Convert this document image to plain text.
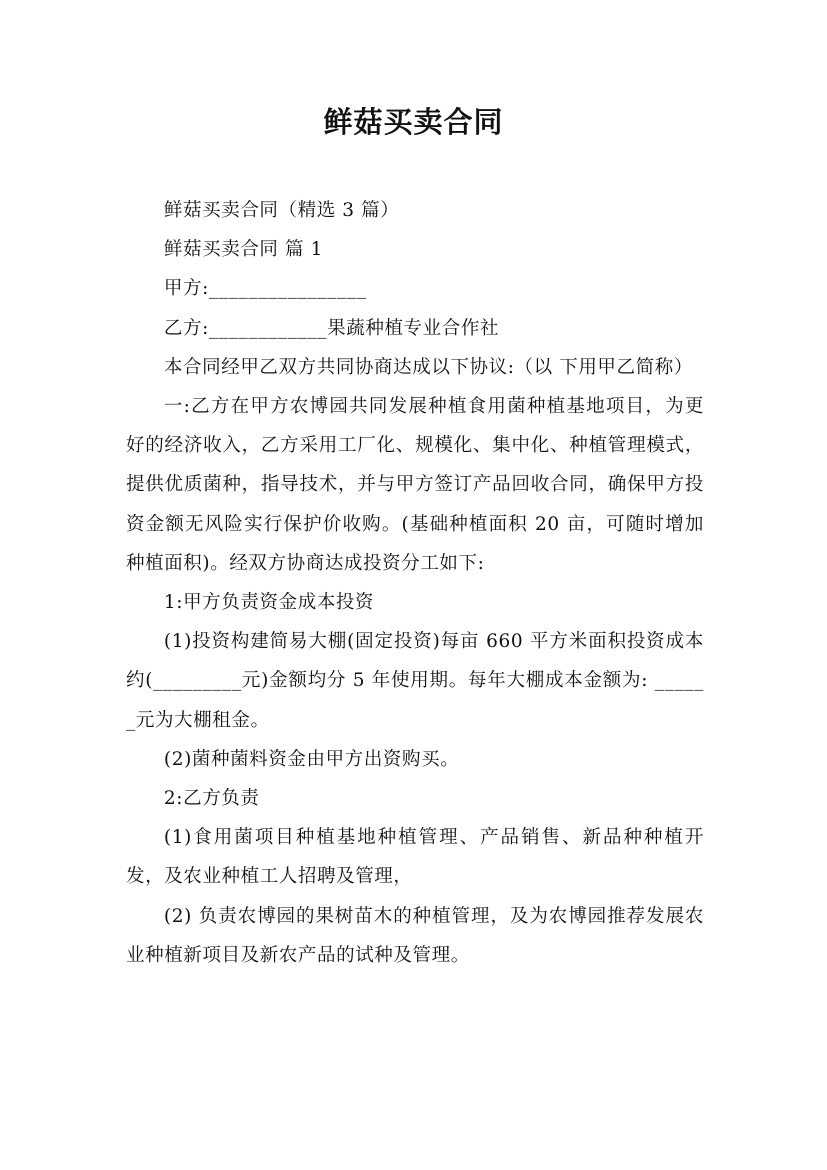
鲜菇买卖合同

鲜菇买卖合同（精选 3 篇）

鲜菇买卖合同 篇 1

甲方:________________

乙方:____________果蔬种植专业合作社

本合同经甲乙双方共同协商达成以下协议:（以 下用甲乙简称）

一:乙方在甲方农博园共同发展种植食用菌种植基地项目，为更好的经济收入，乙方采用工厂化、规模化、集中化、种植管理模式，提供优质菌种，指导技术，并与甲方签订产品回收合同，确保甲方投资金额无风险实行保护价收购。(基础种植面积 20 亩，可随时增加种植面积)。经双方协商达成投资分工如下:

1:甲方负责资金成本投资

(1)投资构建简易大棚(固定投资)每亩 660 平方米面积投资成本约(_________元)金额均分 5 年使用期。每年大棚成本金额为: ______元为大棚租金。

(2)菌种菌料资金由甲方出资购买。

2:乙方负责

(1)食用菌项目种植基地种植管理、产品销售、新品种种植开发，及农业种植工人招聘及管理，

(2) 负责农博园的果树苗木的种植管理，及为农博园推荐发展农业种植新项目及新农产品的试种及管理。
